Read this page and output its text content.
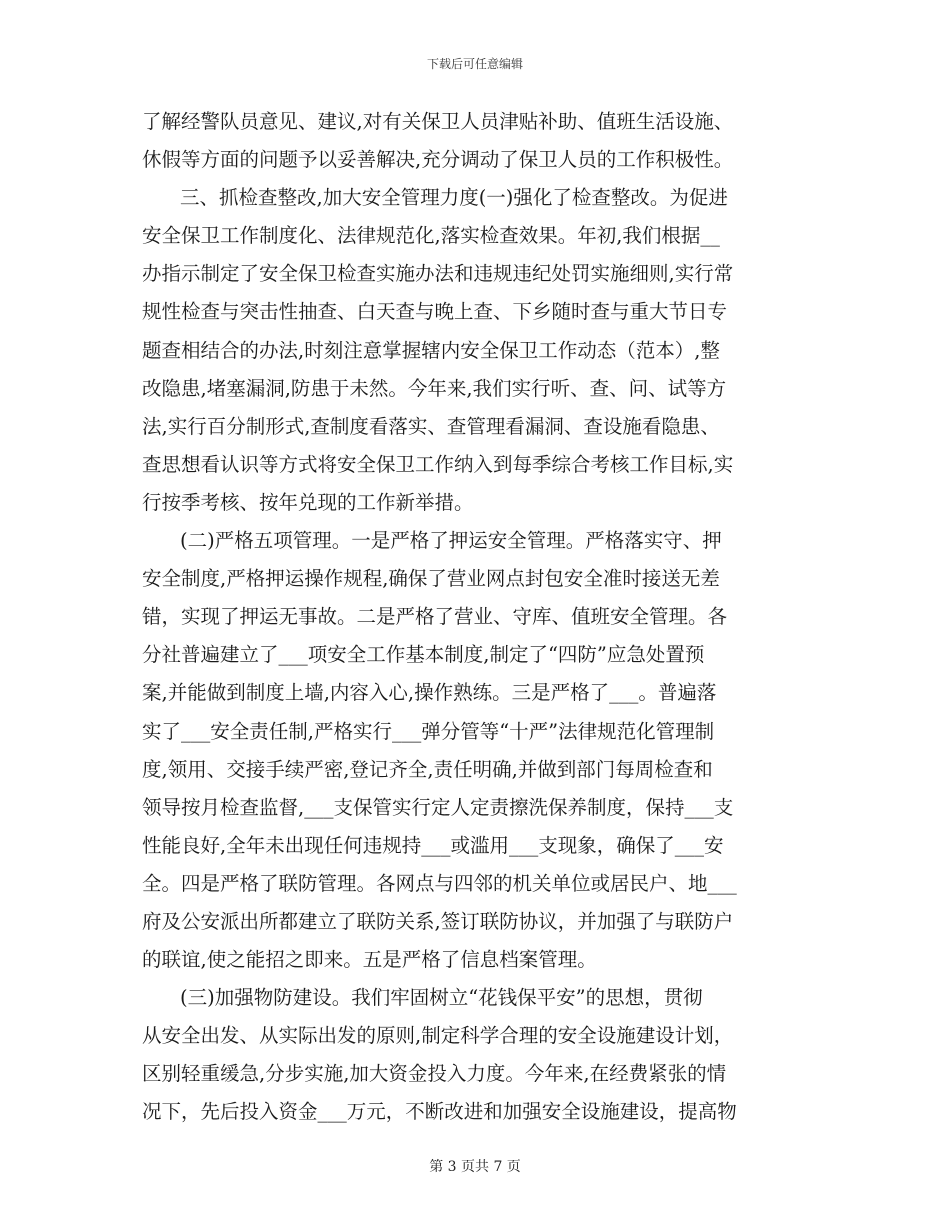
下载后可任意编辑
了解经警队员意见、建议,对有关保卫人员津贴补助、值班生活设施、
休假等方面的问题予以妥善解决,充分调动了保卫人员的工作积极性。
三、抓检查整改,加大安全管理力度(一)强化了检查整改。为促进
安全保卫工作制度化、法律规范化,落实检查效果。年初,我们根据__
办指示制定了安全保卫检查实施办法和违规违纪处罚实施细则,实行常
规性检查与突击性抽查、白天查与晚上查、下乡随时查与重大节日专
题查相结合的办法,时刻注意掌握辖内安全保卫工作动态（范本）,整
改隐患,堵塞漏洞,防患于未然。今年来,我们实行听、查、问、试等方
法,实行百分制形式,查制度看落实、查管理看漏洞、查设施看隐患、
查思想看认识等方式将安全保卫工作纳入到每季综合考核工作目标,实
行按季考核、按年兑现的工作新举措。
(二)严格五项管理。一是严格了押运安全管理。严格落实守、押
安全制度,严格押运操作规程,确保了营业网点封包安全准时接送无差
错，实现了押运无事故。二是严格了营业、守库、值班安全管理。各
分社普遍建立了___项安全工作基本制度,制定了“四防”应急处置预
案,并能做到制度上墙,内容入心,操作熟练。三是严格了___。普遍落
实了___安全责任制,严格实行___弹分管等“十严”法律规范化管理制
度,领用、交接手续严密,登记齐全,责任明确,并做到部门每周检查和
领导按月检查监督,___支保管实行定人定责擦洗保养制度，保持___支
性能良好,全年未出现任何违规持___或滥用___支现象，确保了___安
全。四是严格了联防管理。各网点与四邻的机关单位或居民户、地___
府及公安派出所都建立了联防关系,签订联防协议，并加强了与联防户
的联谊,使之能招之即来。五是严格了信息档案管理。
(三)加强物防建设。我们牢固树立“花钱保平安”的思想，贯彻
从安全出发、从实际出发的原则,制定科学合理的安全设施建设计划，
区别轻重缓急,分步实施,加大资金投入力度。今年来,在经费紧张的情
况下，先后投入资金___万元，不断改进和加强安全设施建设，提高物
第 3 页共 7 页
